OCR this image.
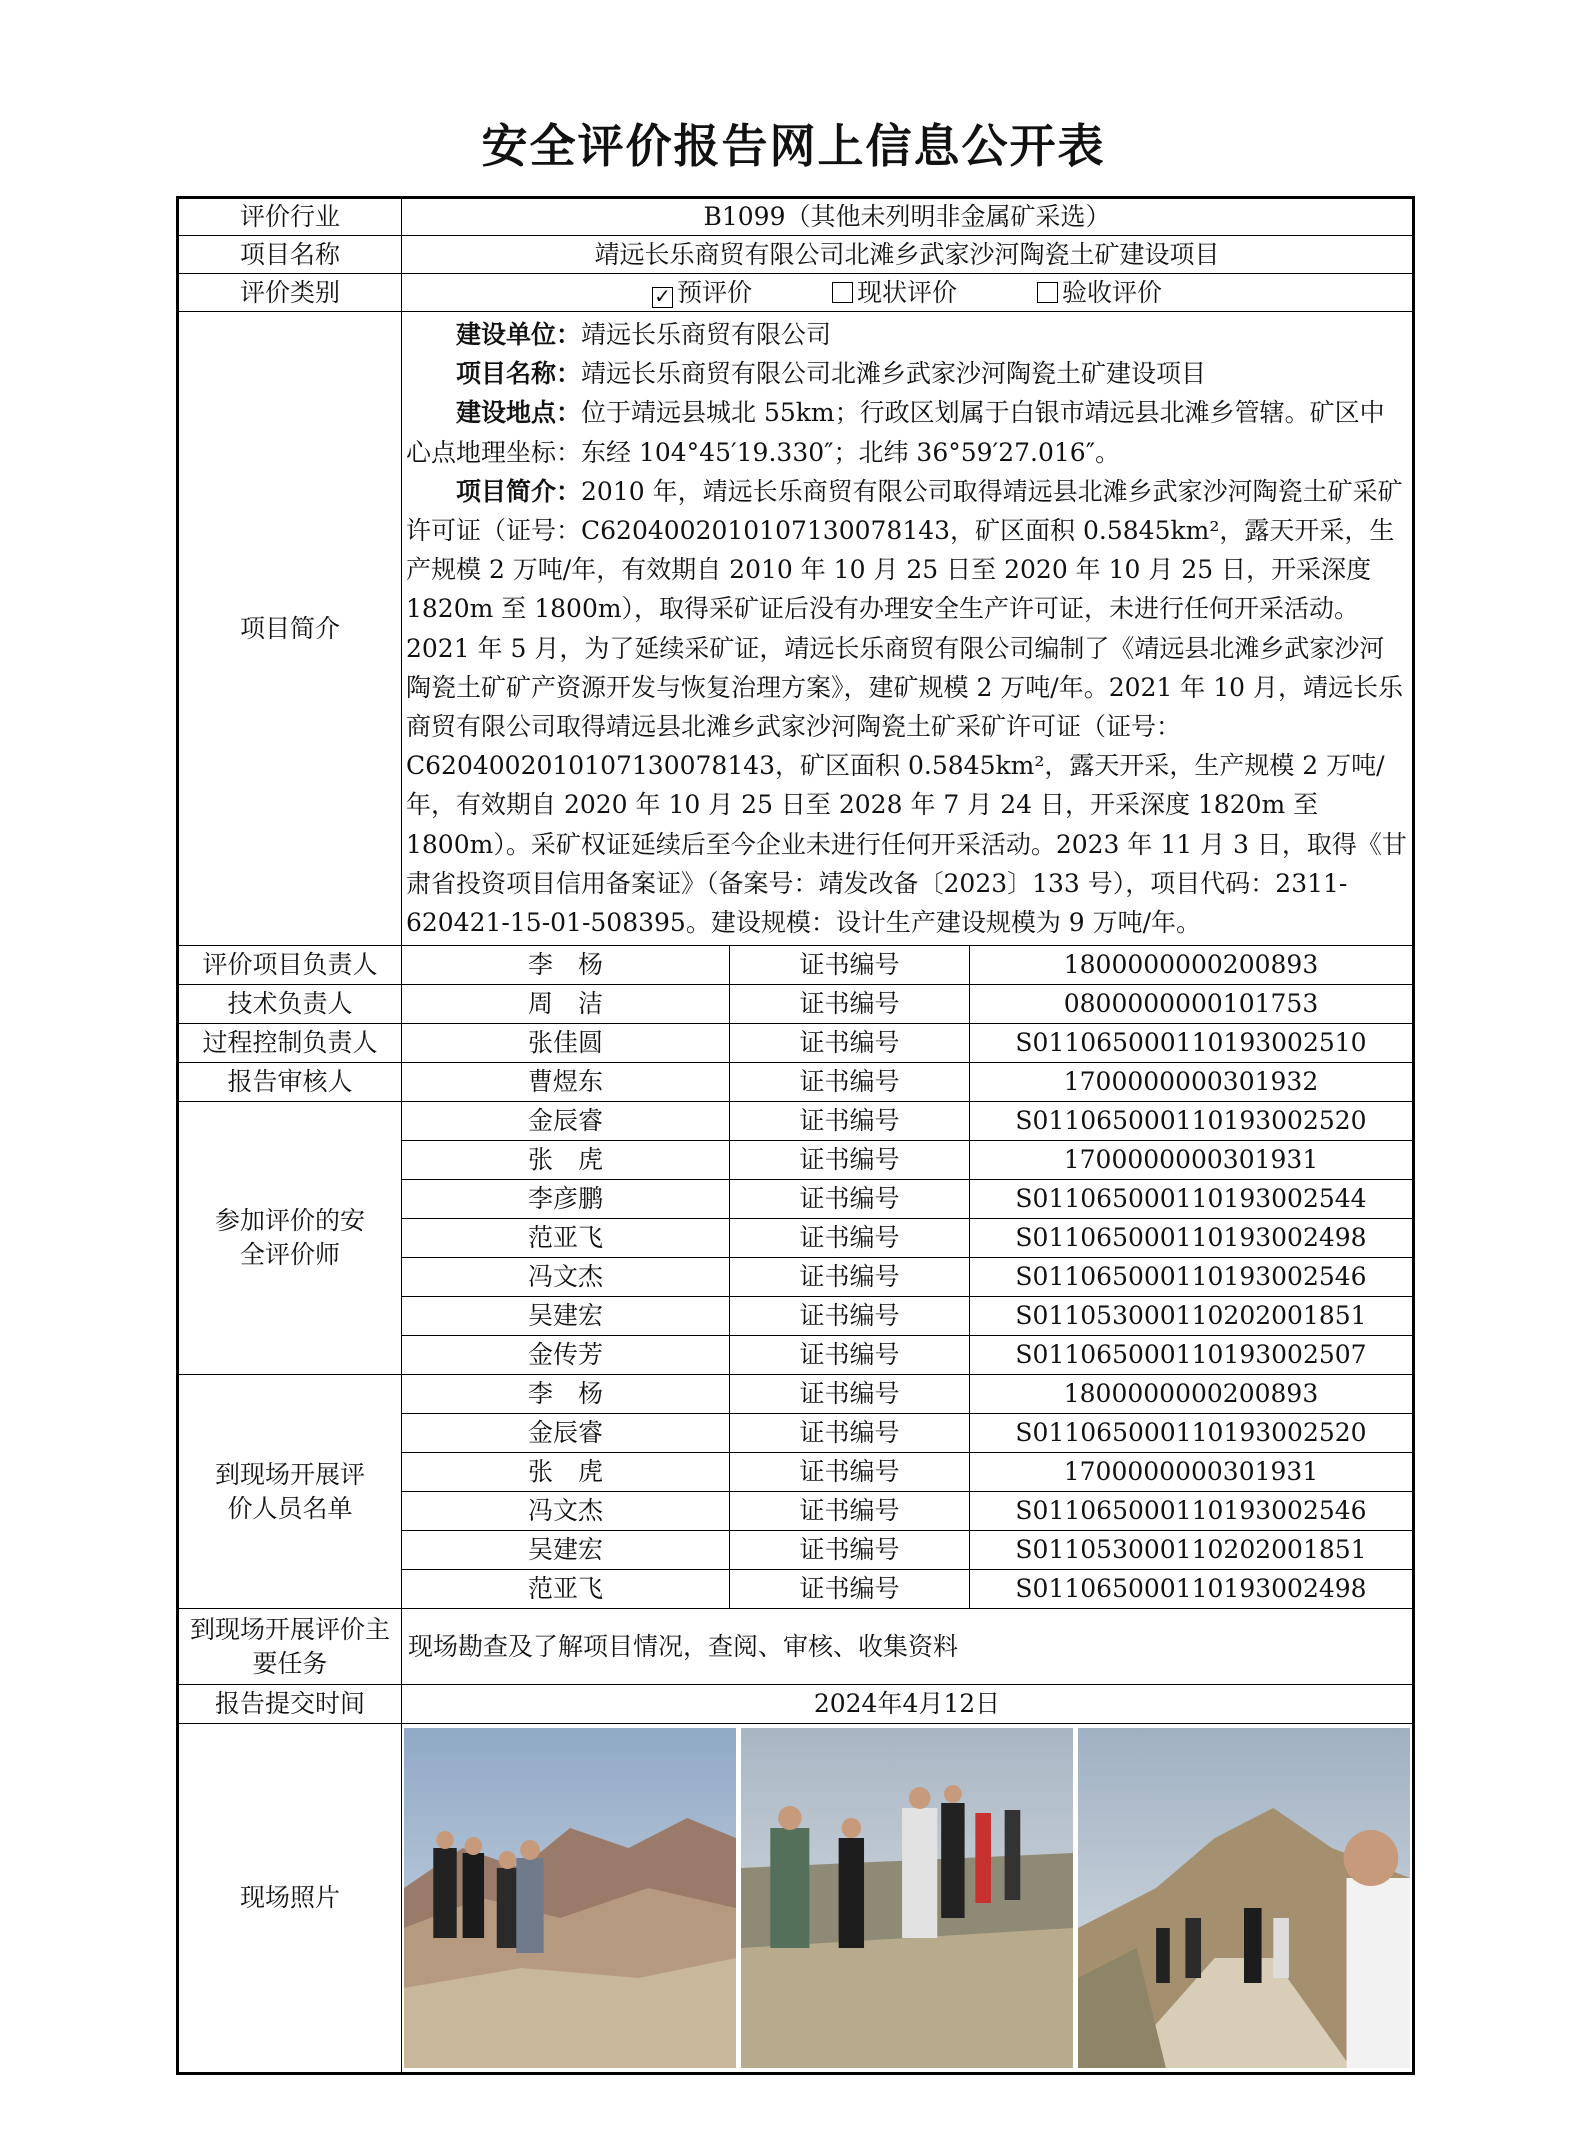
安全评价报告网上信息公开表
评价行业	B1099（其他未列明非金属矿采选）		
项目名称	靖远长乐商贸有限公司北滩乡武家沙河陶瓷土矿建设项目		
评价类别	✓ 预评价 现状评价 验收评价		
项目简介	建设单位：靖远长乐商贸有限公司

项目名称：靖远长乐商贸有限公司北滩乡武家沙河陶瓷土矿建设项目

建设地点：位于靖远县城北 55km；行政区划属于白银市靖远县北滩乡管辖。矿区中心点地理坐标：东经 104°45′19.330″；北纬 36°59′27.016″。

项目简介：2010 年，靖远长乐商贸有限公司取得靖远县北滩乡武家沙河陶瓷土矿采矿许可证（证号：C6204002010107130078143，矿区面积 0.5845km²，露天开采，生产规模 2 万吨/年，有效期自 2010 年 10 月 25 日至 2020 年 10 月 25 日，开采深度 1820m 至 1800m），取得采矿证后没有办理安全生产许可证，未进行任何开采活动。2021 年 5 月，为了延续采矿证，靖远长乐商贸有限公司编制了《靖远县北滩乡武家沙河陶瓷土矿矿产资源开发与恢复治理方案》，建矿规模 2 万吨/年。2021 年 10 月，靖远长乐商贸有限公司取得靖远县北滩乡武家沙河陶瓷土矿采矿许可证（证号：C6204002010107130078143，矿区面积 0.5845km²，露天开采，生产规模 2 万吨/年，有效期自 2020 年 10 月 25 日至 2028 年 7 月 24 日，开采深度 1820m 至 1800m）。采矿权证延续后至今企业未进行任何开采活动。2023 年 11 月 3 日，取得《甘肃省投资项目信用备案证》（备案号：靖发改备〔2023〕133 号），项目代码：2311-620421-15-01-508395。建设规模：设计生产建设规模为 9 万吨/年。		

评价项目负责人	李　杨	证书编号	1800000000200893
技术负责人	周　洁	证书编号	0800000000101753
过程控制负责人	张佳圆	证书编号	S011065000110193002510
报告审核人	曹煜东	证书编号	1700000000301932
参加评价的安全评价师	金辰睿	证书编号	S011065000110193002520
	张　虎	证书编号	1700000000301931
	李彦鹏	证书编号	S011065000110193002544
	范亚飞	证书编号	S011065000110193002498
	冯文杰	证书编号	S011065000110193002546
	吴建宏	证书编号	S011053000110202001851
	金传芳	证书编号	S011065000110193002507
到现场开展评价人员名单	李　杨	证书编号	1800000000200893
	金辰睿	证书编号	S011065000110193002520
	张　虎	证书编号	1700000000301931
	冯文杰	证书编号	S011065000110193002546
	吴建宏	证书编号	S011053000110202001851
	范亚飞	证书编号	S011065000110193002498
到现场开展评价主要任务	现场勘查及了解项目情况，查阅、审核、收集资料		
报告提交时间	2024年4月12日		
现场照片	
